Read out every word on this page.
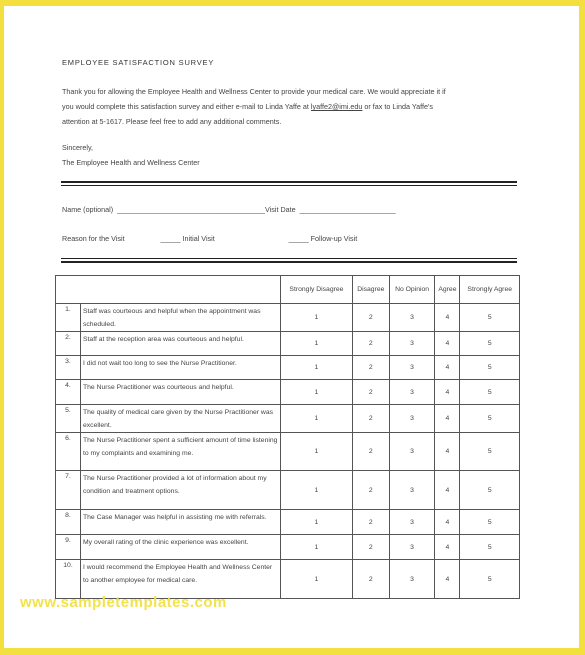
EMPLOYEE SATISFACTION SURVEY
Thank you for allowing the Employee Health and Wellness Center to provide your medical care. We would appreciate it if
you would complete this satisfaction survey and either e-mail to Linda Yaffe at lyaffe2@imi.edu or fax to Linda Yaffe's
attention at 5-1617. Please feel free to add any additional comments.
Sincerely,
The Employee Health and Wellness Center
Name (optional)  _____________________________________Visit Date  ________________________
Reason for the Visit                  _____ Initial Visit                                     _____ Follow-up Visit
		Strongly Disagree	Disagree	No Opinion	Agree	Strongly Agree
1.	Staff was courteous and helpful when the appointment was scheduled.	1	2	3	4	5
2.	Staff at the reception area was courteous and helpful.	1	2	3	4	5
3.	I did not wait too long to see the Nurse Practitioner.	1	2	3	4	5
4.	The Nurse Practitioner was courteous and helpful.	1	2	3	4	5
5.	The quality of medical care given by the Nurse Practitioner was excellent.	1	2	3	4	5
6.	The Nurse Practitioner spent a sufficient amount of time listening to my complaints and examining me.	1	2	3	4	5
7.	The Nurse Practitioner provided a lot of information about my condition and treatment options.	1	2	3	4	5
8.	The Case Manager was helpful in assisting me with referrals.	1	2	3	4	5
9.	My overall rating of the clinic experience was excellent.	1	2	3	4	5
10.	I would recommend the Employee Health and Wellness Center to another employee for medical care.	1	2	3	4	5
www.sampletemplates.com
